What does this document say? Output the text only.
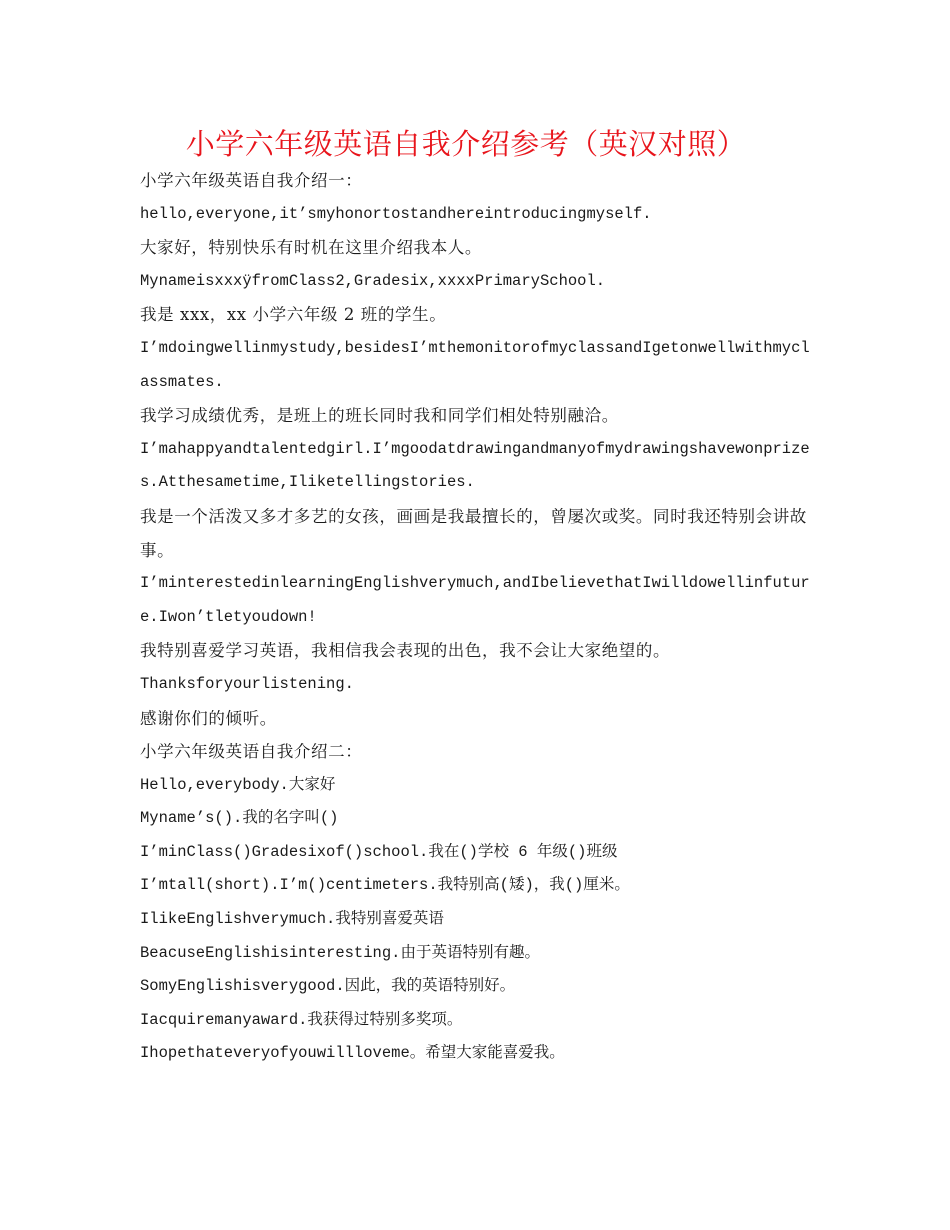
小学六年级英语自我介绍参考（英汉对照）
小学六年级英语自我介绍一：
hello,everyone,it’smyhonortostandhereintroducingmyself.
大家好，特别快乐有时机在这里介绍我本人。
MynameisxxxÿfromClass2,Gradesix,xxxxPrimarySchool.
我是 xxx，xx 小学六年级 2 班的学生。
I’mdoingwellinmystudy,besidesI’mthemonitorofmyclassandIgetonwellwithmyclassmates.
我学习成绩优秀，是班上的班长同时我和同学们相处特别融洽。
I’mahappyandtalentedgirl.I’mgoodatdrawingandmanyofmydrawingshavewonprizes.Atthesametime,Iliketellingstories.
我是一个活泼又多才多艺的女孩，画画是我最擅长的，曾屡次或奖。同时我还特别会讲故事。
I’minterestedinlearningEnglishverymuch,andIbelievethatIwilldowellinfuture.Iwon’tletyoudown!
我特别喜爱学习英语，我相信我会表现的出色，我不会让大家绝望的。
Thanksforyourlistening.
感谢你们的倾听。
小学六年级英语自我介绍二：
Hello,everybody.大家好
Myname’s().我的名字叫()
I’minClass()Gradesixof()school.我在()学校 6 年级()班级
I’mtall(short).I’m()centimeters.我特别高(矮)，我()厘米。
IlikeEnglishverymuch.我特别喜爱英语
BeacuseEnglishisinteresting.由于英语特别有趣。
SomyEnglishisverygood.因此，我的英语特别好。
Iacquiremanyaward.我获得过特别多奖项。
Ihopethateveryofyouwillloveme。希望大家能喜爱我。
